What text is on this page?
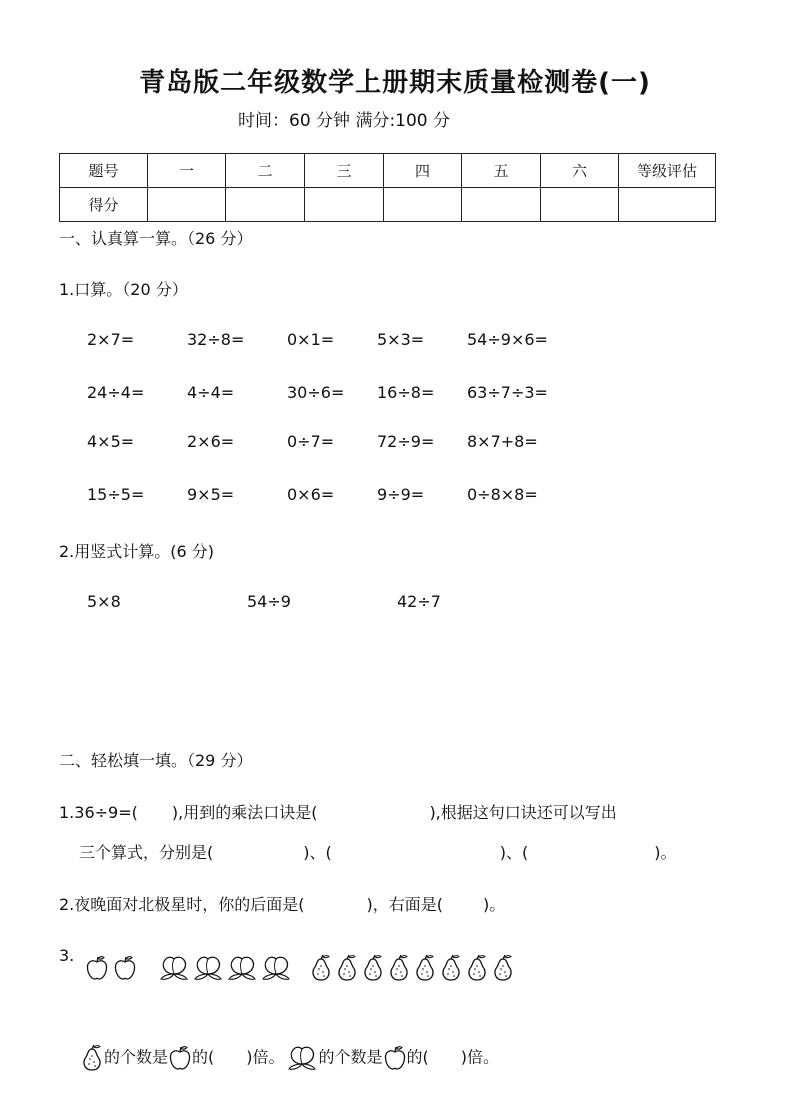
青岛版二年级数学上册期末质量检测卷(一)
时间：60 分钟 满分:100 分
题号	一	二	三	四	五	六	等级评估
得分							
一、认真算一算。（26 分）
1.口算。（20 分）
2×7=	32÷8=	0×1=	5×3=	54÷9×6=
24÷4=	4÷4=	30÷6= 16÷8= 63÷7÷3=
4×5=	2×6=	0÷7=	72÷9= 8×7+8=
15÷5=	9×5=	0×6=	9÷9=	0÷8×8=
2.用竖式计算。(6 分)
5×8	54÷9	42÷7
二、轻松填一填。（29 分）
1.36÷9=( ),用到的乘法口诀是(	),根据这句口诀还可以写出
三个算式，分别是(	)、(	)、(	)。
2.夜晚面对北极星时，你的后面是(	)，右面是(	)。
3.
的个数是 的( )倍。 的个数是 的( )倍。
